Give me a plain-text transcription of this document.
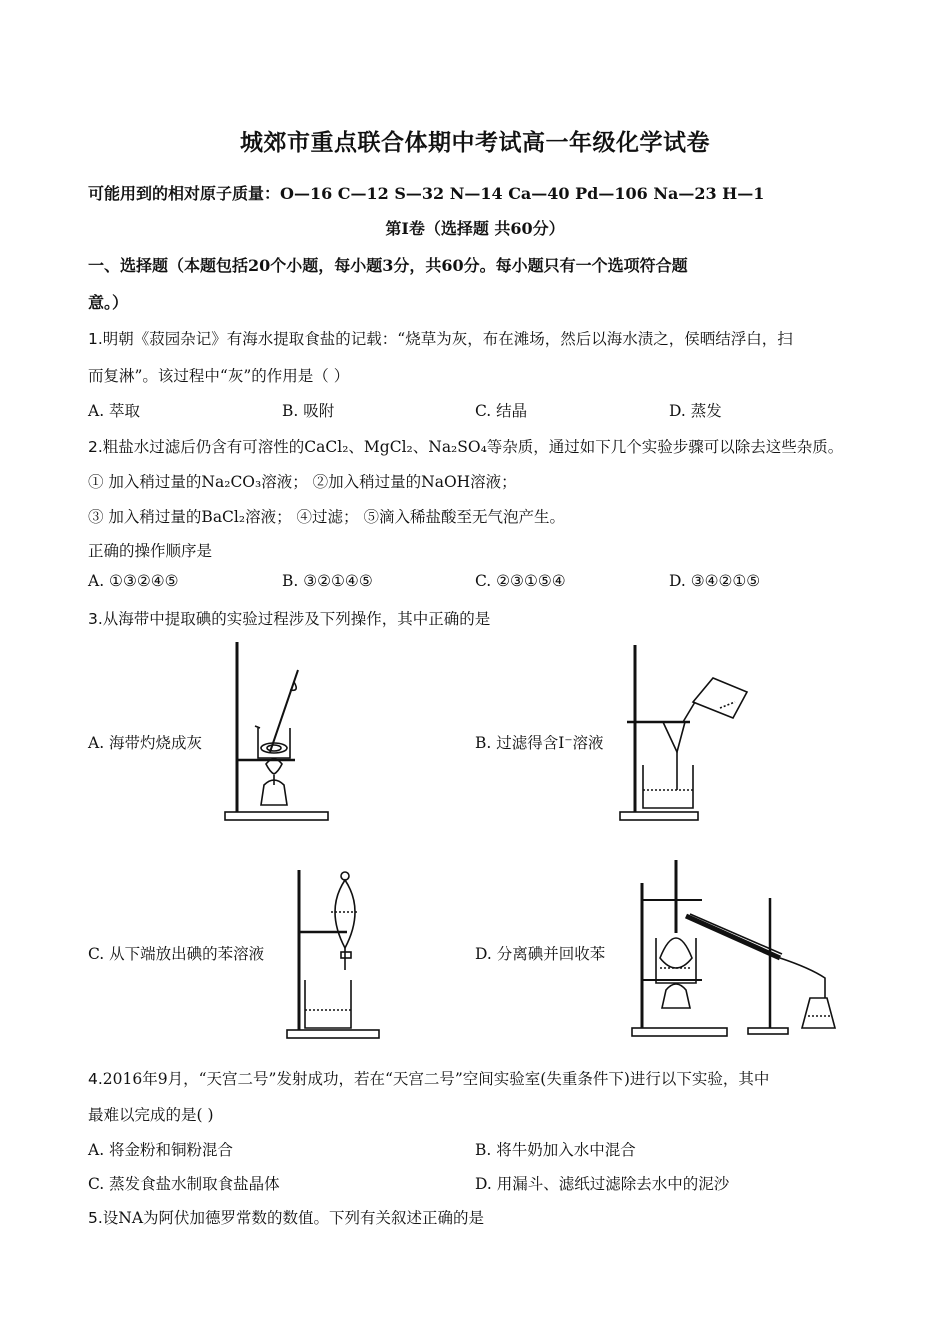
城郊市重点联合体期中考试高一年级化学试卷
可能用到的相对原子质量：O—16 C—12 S—32 N—14 Ca—40 Pd—106 Na—23 H—1
第Ⅰ卷（选择题 共60分）
一、选择题（本题包括20个小题，每小题3分，共60分。每小题只有一个选项符合题
意。）
1.明朝《菽园杂记》有海水提取食盐的记载：“烧草为灰，布在滩场，然后以海水渍之，侯晒结浮白，扫
而复淋”。该过程中“灰”的作用是（ ）
A. 萃取	B. 吸附	C. 结晶	D. 蒸发
2.粗盐水过滤后仍含有可溶性的CaCl₂、MgCl₂、Na₂SO₄等杂质，通过如下几个实验步骤可以除去这些杂质。
① 加入稍过量的Na₂CO₃溶液； ②加入稍过量的NaOH溶液；
③ 加入稍过量的BaCl₂溶液； ④过滤； ⑤滴入稀盐酸至无气泡产生。
正确的操作顺序是
A. ①③②④⑤	B. ③②①④⑤	C. ②③①⑤④	D. ③④②①⑤
3.从海带中提取碘的实验过程涉及下列操作，其中正确的是
A. 海带灼烧成灰	B. 过滤得含I⁻溶液
C. 从下端放出碘的苯溶液	D. 分离碘并回收苯
4.2016年9月，“天宫二号”发射成功，若在“天宫二号”空间实验室(失重条件下)进行以下实验，其中
最难以完成的是( )
A. 将金粉和铜粉混合	B. 将牛奶加入水中混合
C. 蒸发食盐水制取食盐晶体	D. 用漏斗、滤纸过滤除去水中的泥沙
5.设NA为阿伏加德罗常数的数值。下列有关叙述正确的是
